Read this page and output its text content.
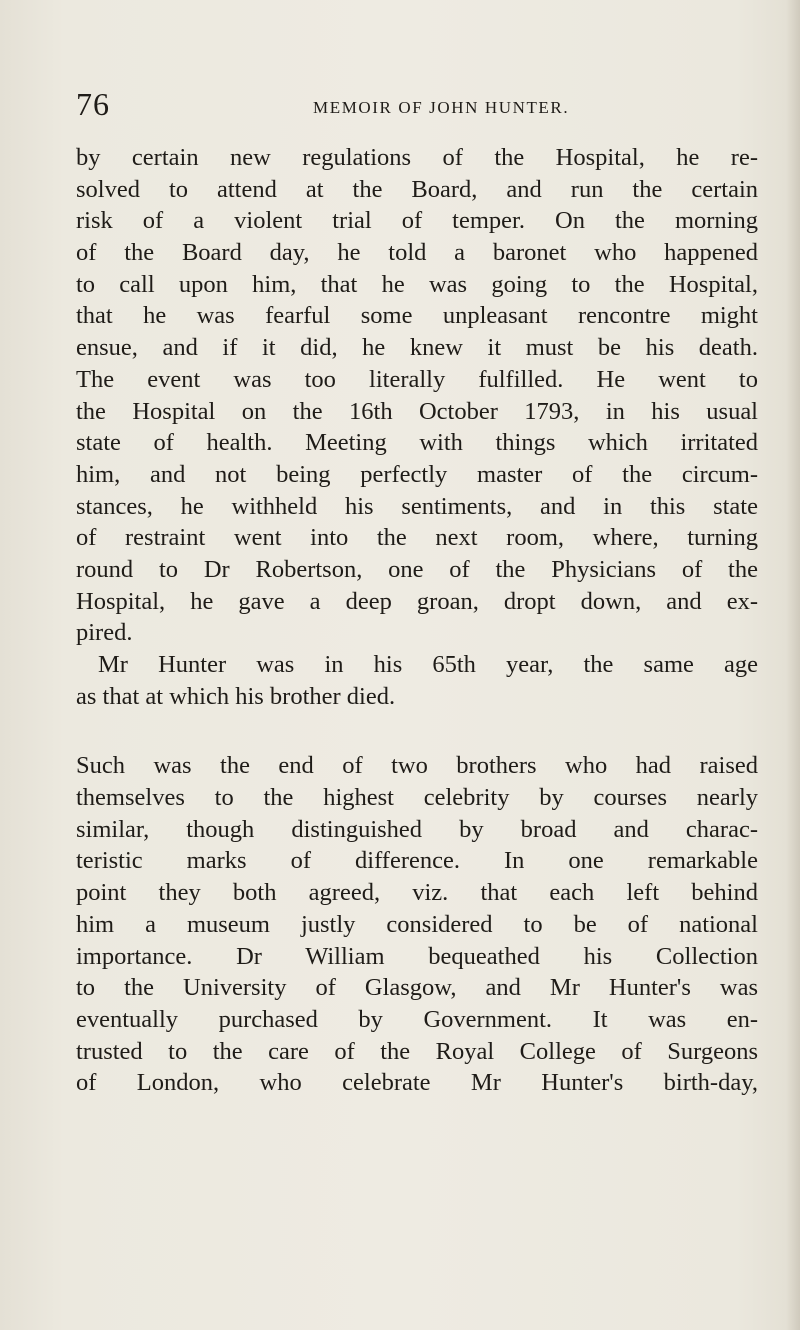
76	MEMOIR OF JOHN HUNTER.
by certain new regulations of the Hospital, he re-
solved to attend at the Board, and run the certain
risk of a violent trial of temper. On the morning
of the Board day, he told a baronet who happened
to call upon him, that he was going to the Hospital,
that he was fearful some unpleasant rencontre might
ensue, and if it did, he knew it must be his death.
The event was too literally fulfilled. He went to
the Hospital on the 16th October 1793, in his usual
state of health. Meeting with things which irritated
him, and not being perfectly master of the circum-
stances, he withheld his sentiments, and in this state
of restraint went into the next room, where, turning
round to Dr Robertson, one of the Physicians of the
Hospital, he gave a deep groan, dropt down, and ex-
pired.
Mr Hunter was in his 65th year, the same age
as that at which his brother died.
Such was the end of two brothers who had raised
themselves to the highest celebrity by courses nearly
similar, though distinguished by broad and charac-
teristic marks of difference. In one remarkable
point they both agreed, viz. that each left behind
him a museum justly considered to be of national
importance. Dr William bequeathed his Collection
to the University of Glasgow, and Mr Hunter's was
eventually purchased by Government. It was en-
trusted to the care of the Royal College of Surgeons
of London, who celebrate Mr Hunter's birth-day,
